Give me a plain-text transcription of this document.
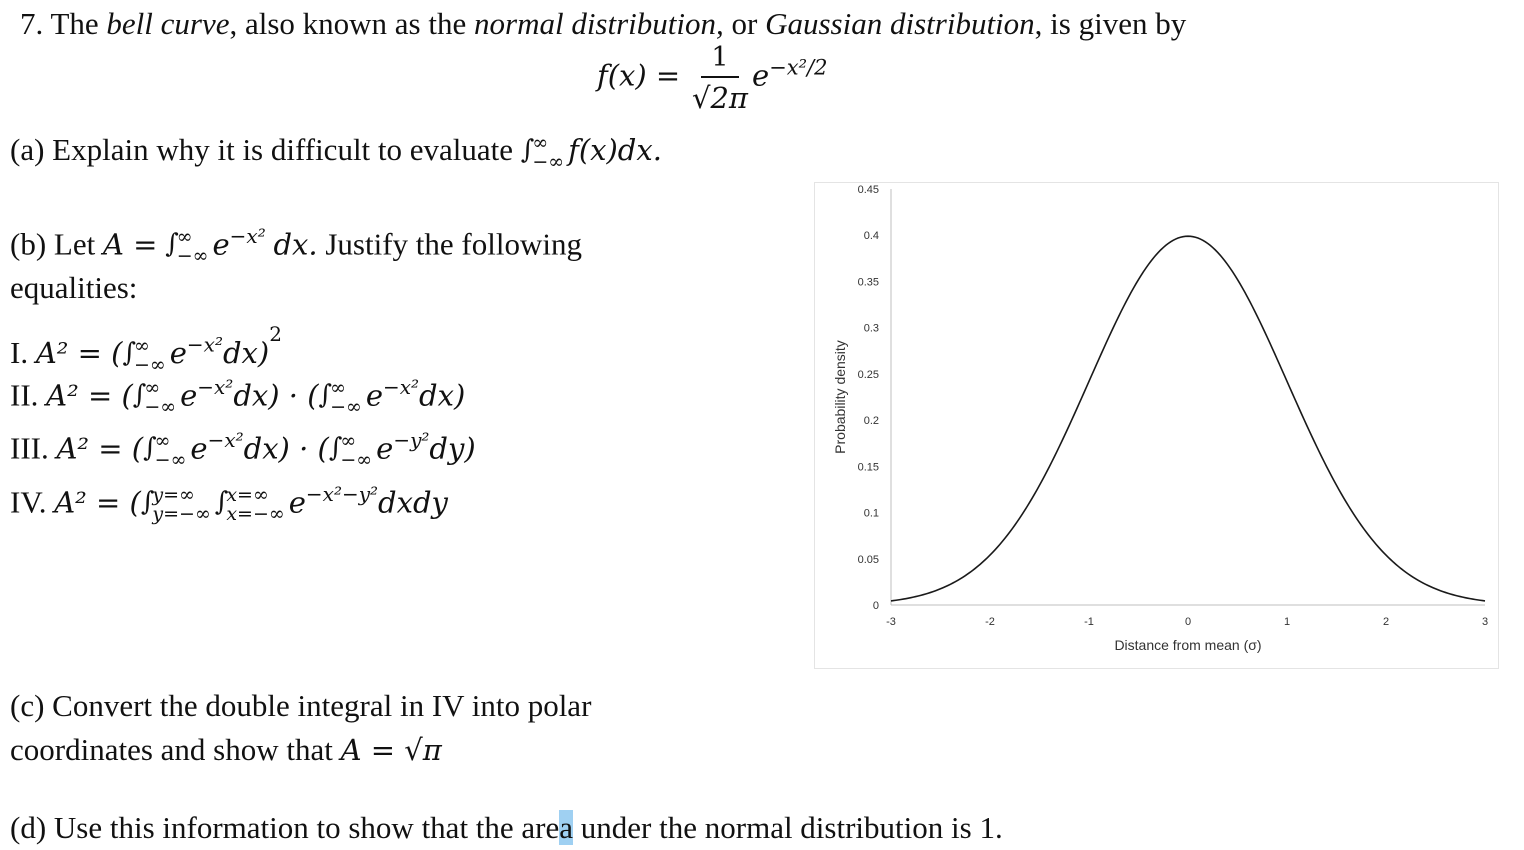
7. The bell curve, also known as the normal distribution, or Gaussian distribution, is given by
$f(x) = \frac{1}{√2\pi} e^{-x^2/2}$
(a) Explain why it is difficult to evaluate ∫
∞
−∞ f(x)dx.
(b) Let A = ∫
∞
−∞ $e^{-x^2}$ dx. Justify the following
equalities:
I. A² = (∫
∞
−∞ $e^{-x^2}dx)^2$
II. A² = (∫
∞
−∞ $e^{-x^2}dx$) · (∫
∞
−∞ $e^{-x^2}dx$)
III. A² = (∫
∞
−∞ $e^{-x^2}dx$) · (∫
∞
−∞ $e^{-y^2}dy$)
IV. A² = (∫
y=∞
y=−∞ ∫
x=∞
x=−∞ $e^{-x^2-y^2}dxdy$
(c) Convert the double integral in IV into polar
coordinates and show that A = √π
(d) Use this information to show that the area under the normal distribution is 1.
0
0.05
0.1
0.15
0.2
0.25
0.3
0.35
0.4
0.45
-3	-2	-1	0	1	2	3
Distance from mean (σ)
Probability density
